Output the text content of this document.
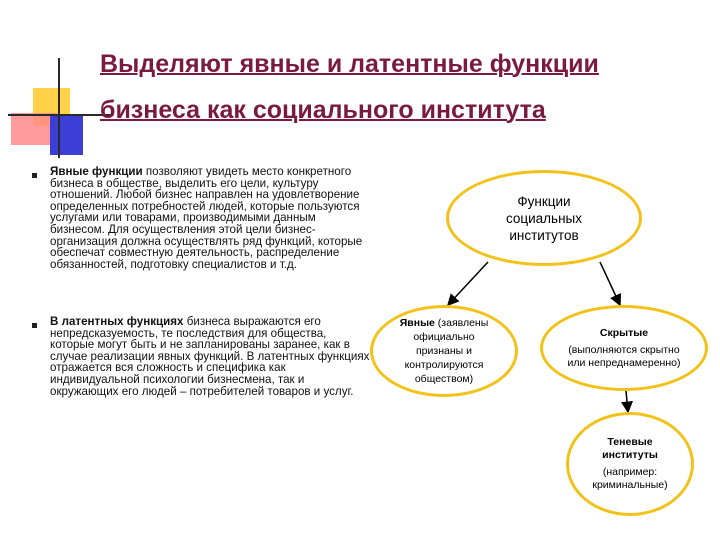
Выделяют явные и латентные функции
бизнеса как социального института
Явные функции позволяют увидеть место конкретного бизнеса в обществе, выделить его цели, культуру отношений. Любой бизнес направлен на удовлетворение определенных потребностей людей, которые пользуются услугами или товарами, производимыми данным бизнесом. Для осуществления этой цели бизнес-организация должна осуществлять ряд функций, которые обеспечат совместную деятельность, распределение обязанностей, подготовку специалистов и т.д.
В латентных функциях бизнеса выражаются его непредсказуемость, те последствия для общества, которые могут быть и не запланированы заранее, как в случае реализации явных функций. В латентных функциях отражается вся сложность и специфика как индивидуальной психологии бизнесмена, так и окружающих его людей – потребителей товаров и услуг.
Функции социальных институтов
Явные (заявлены официально признаны и контролируются обществом)
Скрытые
(выполняются скрытно или непреднамеренно)
Теневые институты
(например: криминальные)
